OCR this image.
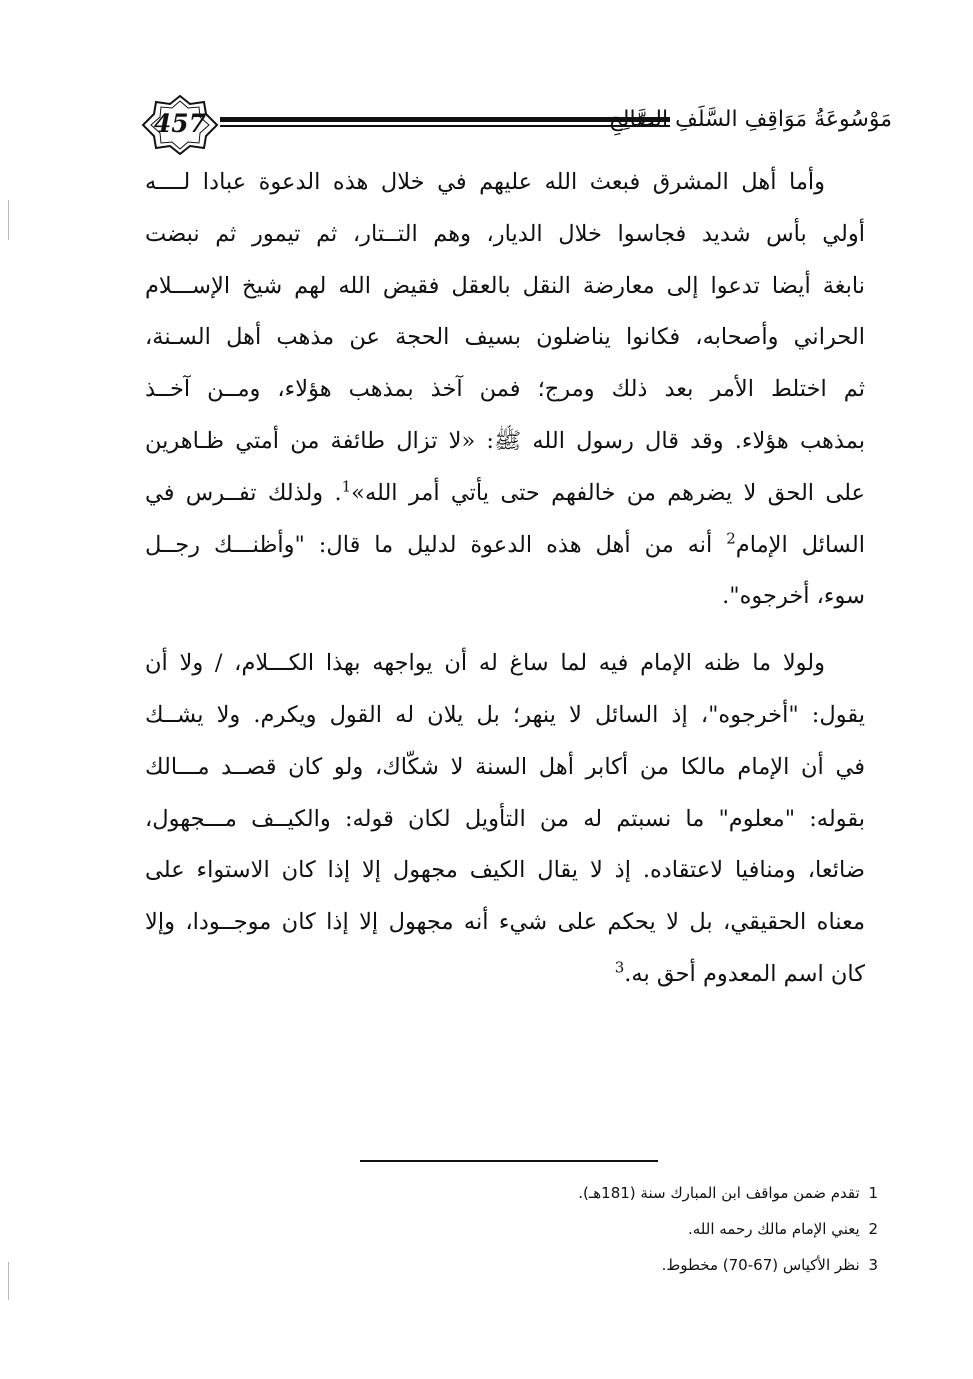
457	مَوْسُوعَةُ مَوَاقِفِ السَّلَفِ الصَّالِحِ

وأما أهل المشرق فبعث الله عليهم في خلال هذه الدعوة عبادا لــــه
أولي بأس شديد فجاسوا خلال الديار، وهم التــتار، ثم تيمور ثم نبضت
نابغة أيضا تدعوا إلى معارضة النقل بالعقل فقيض الله لهم شيخ الإســـلام
الحراني وأصحابه، فكانوا يناضلون بسيف الحجة عن مذهب أهل السـنة،
ثم اختلط الأمر بعد ذلك ومرج؛ فمن آخذ بمذهب هؤلاء، ومــن آخــذ
بمذهب هؤلاء. وقد قال رسول الله ﷺ: «لا تزال طائفة من أمتي ظـاهرين
على الحق لا يضرهم من خالفهم حتى يأتي أمر الله»$^1$. ولذلك تفــرس في
السائل الإمام$^2$ أنه من أهل هذه الدعوة لدليل ما قال: "وأظنـــك رجــل
سوء، أخرجوه".

ولولا ما ظنه الإمام فيه لما ساغ له أن يواجهه بهذا الكـــلام، / ولا أن
يقول: "أخرجوه"، إذ السائل لا ينهر؛ بل يلان له القول ويكرم. ولا يشــك
في أن الإمام مالكا من أكابر أهل السنة لا شكّاك، ولو كان قصــد مـــالك
بقوله: "معلوم" ما نسبتم له من التأويل لكان قوله: والكيــف مـــجهول،
ضائعا، ومنافيا لاعتقاده. إذ لا يقال الكيف مجهول إلا إذا كان الاستواء على
معناه الحقيقي، بل لا يحكم على شيء أنه مجهول إلا إذا كان موجــودا، وإلا
كان اسم المعدوم أحق به.$^3$

1 تقدم ضمن مواقف ابن المبارك سنة (181هـ).
2 يعني الإمام مالك رحمه الله.
3 نظر الأكياس (67-70) مخطوط.
